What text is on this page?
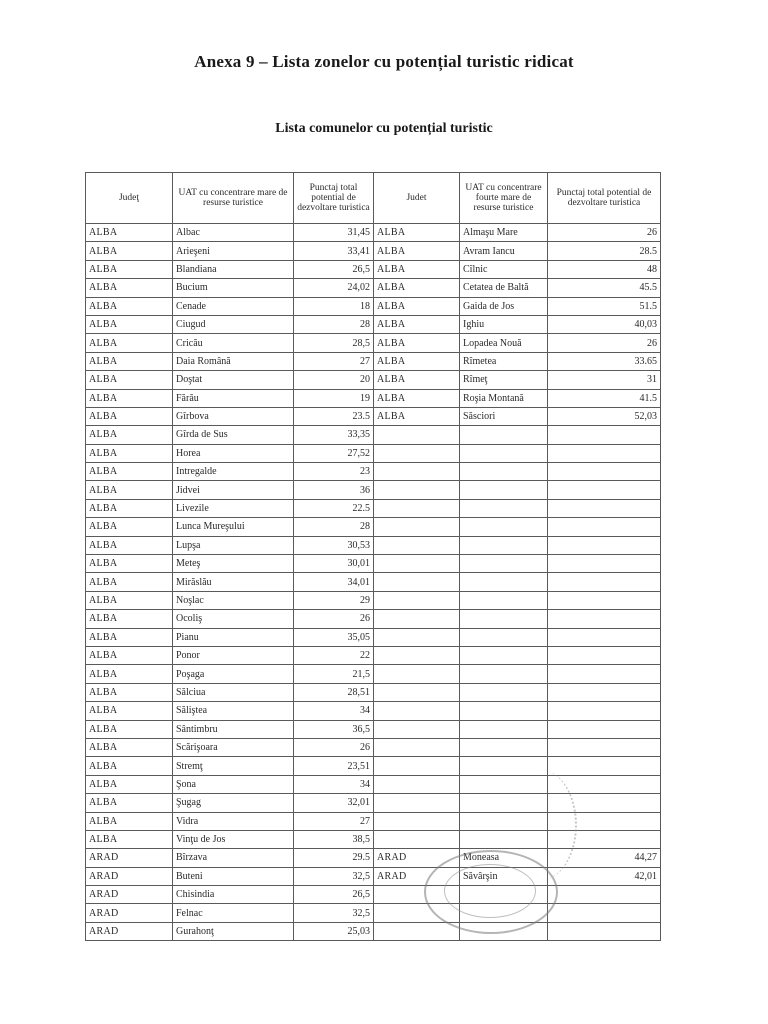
Anexa 9 – Lista zonelor cu potențial turistic ridicat
Lista comunelor cu potențial turistic
Judeţ	UAT cu concentrare mare de resurse turistice	Punctaj total potential de dezvoltare turistica	Judet	UAT cu concentrare fourte mare de resurse turistice	Punctaj total potential de dezvoltare turistica
ALBA	Albac	31,45	ALBA	Almaşu Mare	26
ALBA	Arieşeni	33,41	ALBA	Avram Iancu	28.5
ALBA	Blandiana	26,5	ALBA	Cîlnic	48
ALBA	Bucium	24,02	ALBA	Cetatea de Baltă	45.5
ALBA	Cenade	18	ALBA	Gaida de Jos	51.5
ALBA	Ciugud	28	ALBA	Ighiu	40,03
ALBA	Cricău	28,5	ALBA	Lopadea Nouă	26
ALBA	Daia Română	27	ALBA	Rîmetea	33.65
ALBA	Doştat	20	ALBA	Rîmeţ	31
ALBA	Fărău	19	ALBA	Roşia Montană	41.5
ALBA	Gîrbova	23.5	ALBA	Săsciori	52,03
ALBA	Gîrda de Sus	33,35			
ALBA	Horea	27,52			
ALBA	Intregalde	23			
ALBA	Jidvei	36			
ALBA	Livezile	22.5			
ALBA	Lunca Mureşului	28			
ALBA	Lupşa	30,53			
ALBA	Meteş	30,01			
ALBA	Mirăslău	34,01			
ALBA	Noşlac	29			
ALBA	Ocoliş	26			
ALBA	Pianu	35,05			
ALBA	Ponor	22			
ALBA	Poşaga	21,5			
ALBA	Sălciua	28,51			
ALBA	Sălişteа	34			
ALBA	Sântimbru	36,5			
ALBA	Scărişoara	26			
ALBA	Stremţ	23,51			
ALBA	Şona	34			
ALBA	Şugag	32,01			
ALBA	Vidra	27			
ALBA	Vinţu de Jos	38,5			
ARAD	Bîrzava	29.5	ARAD	Moneasa	44,27
ARAD	Buteni	32,5	ARAD	Săvârşin	42,01
ARAD	Chisindia	26,5			
ARAD	Felnac	32,5			
ARAD	Gurahonţ	25,03			
